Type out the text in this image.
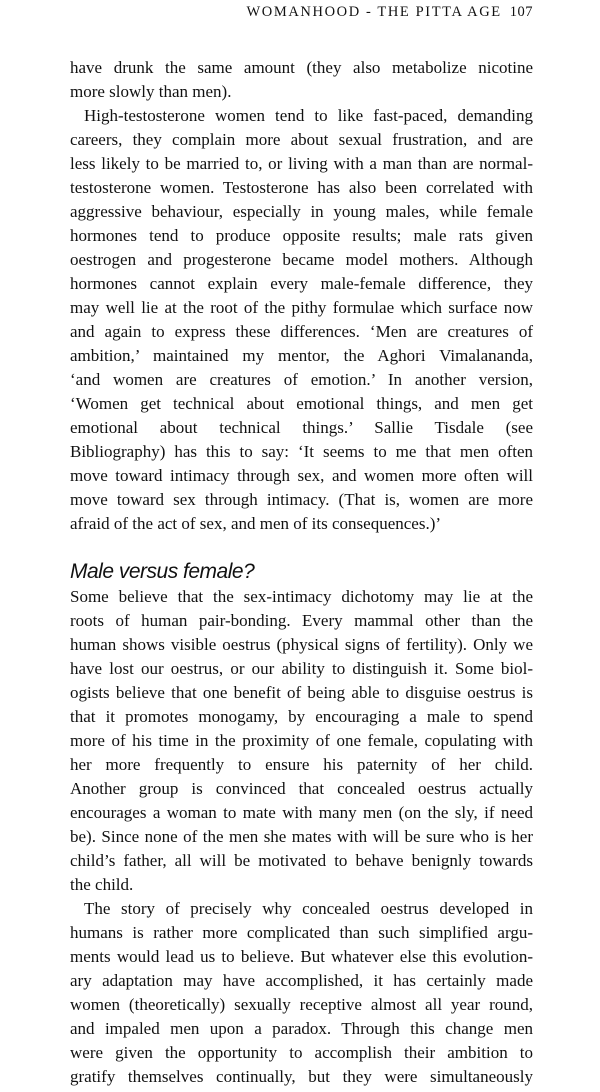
WOMANHOOD - THE PITTA AGE 107
have drunk the same amount (they also metabolize nicotine
more slowly than men).
High-testosterone women tend to like fast-paced, demanding
careers, they complain more about sexual frustration, and are
less likely to be married to, or living with a man than are normal-
testosterone women. Testosterone has also been correlated with
aggressive behaviour, especially in young males, while female
hormones tend to produce opposite results; male rats given
oestrogen and progesterone became model mothers. Although
hormones cannot explain every male-female difference, they
may well lie at the root of the pithy formulae which surface now
and again to express these differences. ‘Men are creatures of
ambition,’ maintained my mentor, the Aghori Vimalananda,
‘and women are creatures of emotion.’ In another version,
‘Women get technical about emotional things, and men get
emotional about technical things.’ Sallie Tisdale (see
Bibliography) has this to say: ‘It seems to me that men often
move toward intimacy through sex, and women more often will
move toward sex through intimacy. (That is, women are more
afraid of the act of sex, and men of its consequences.)’
Male versus female?
Some believe that the sex-intimacy dichotomy may lie at the
roots of human pair-bonding. Every mammal other than the
human shows visible oestrus (physical signs of fertility). Only we
have lost our oestrus, or our ability to distinguish it. Some biol-
ogists believe that one benefit of being able to disguise oestrus is
that it promotes monogamy, by encouraging a male to spend
more of his time in the proximity of one female, copulating with
her more frequently to ensure his paternity of her child.
Another group is convinced that concealed oestrus actually
encourages a woman to mate with many men (on the sly, if need
be). Since none of the men she mates with will be sure who is her
child’s father, all will be motivated to behave benignly towards
the child.
The story of precisely why concealed oestrus developed in
humans is rather more complicated than such simplified argu-
ments would lead us to believe. But whatever else this evolution-
ary adaptation may have accomplished, it has certainly made
women (theoretically) sexually receptive almost all year round,
and impaled men upon a paradox. Through this change men
were given the opportunity to accomplish their ambition to
gratify themselves continually, but they were simultaneously
